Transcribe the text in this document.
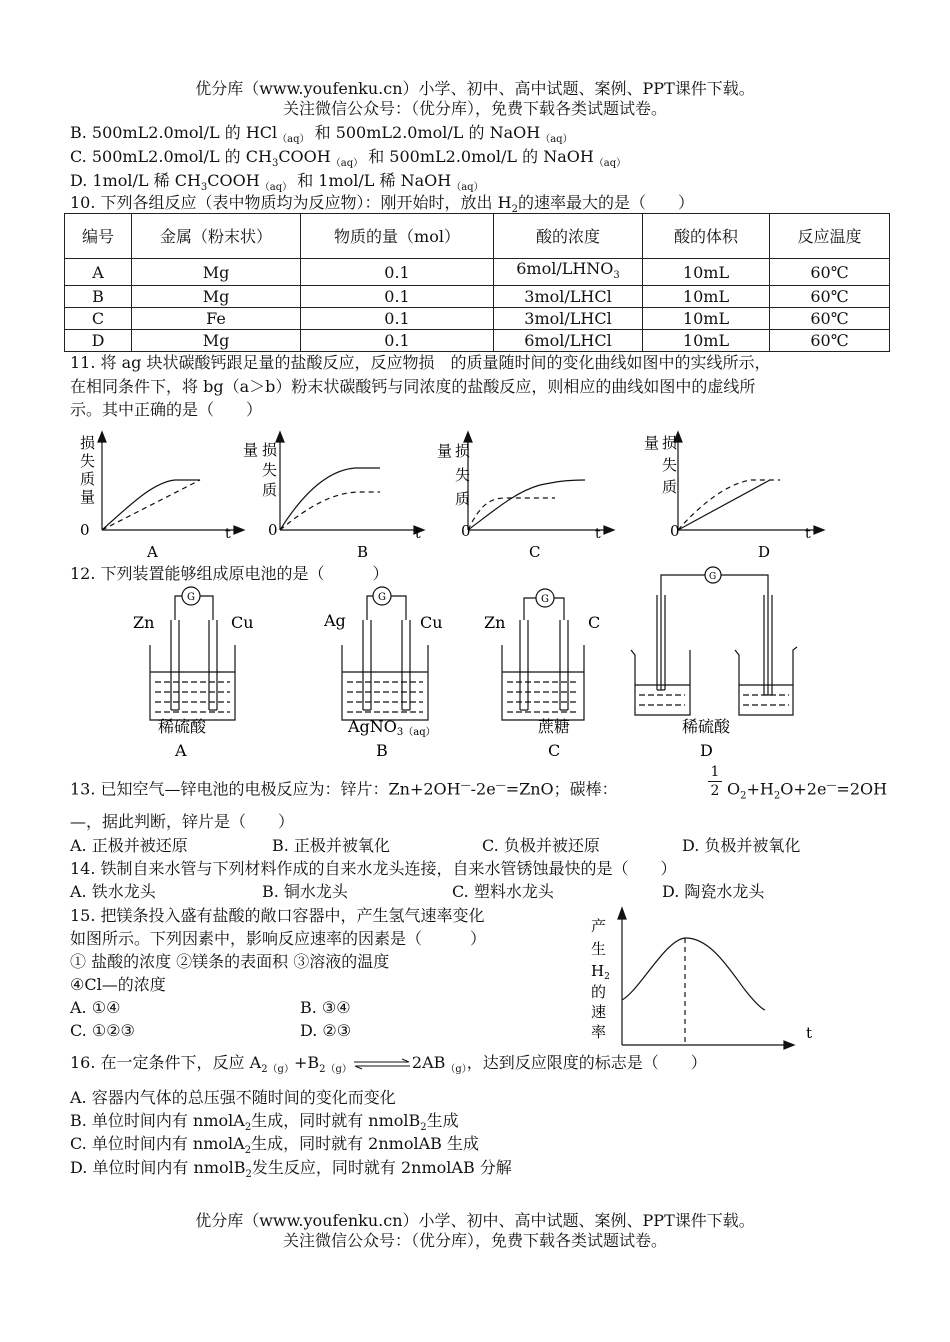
优分库（www.youfenku.cn）小学、初中、高中试题、案例、PPT课件下载。
关注微信公众号：（优分库），免费下载各类试题试卷。
B. 500mL2.0mol/L 的 HCl$_{(aq)}$ 和 500mL2.0mol/L 的 NaOH$_{(aq)}$
C. 500mL2.0mol/L 的 $CH_3COOH_{(aq)}$ 和 500mL2.0mol/L 的 NaOH$_{(aq)}$
D. 1mol/L 稀 $CH_3COOH_{(aq)}$ 和 1mol/L 稀 NaOH$_{(aq)}$
10. 下列各组反应（表中物质均为反应物）：刚开始时，放出 $H_2$的速率最大的是（　　）
编号	金属（粉末状）	物质的量（mol）	酸的浓度	酸的体积	反应温度
A	Mg	0.1	$6mol/LHNO_3$	10mL	60℃
B	Mg	0.1	3mol/LHCl	10mL	60℃
C	Fe	0.1	3mol/LHCl	10mL	60℃
D	Mg	0.1	6mol/LHCl	10mL	60℃
11. 将 ag 块状碳酸钙跟足量的盐酸反应，反应物损　的质量随时间的变化曲线如图中的实线所示，
在相同条件下，将 bg（a＞b）粉末状碳酸钙与同浓度的盐酸反应，则相应的曲线如图中的虚线所
示。其中正确的是（　　）
损
失
质
量
0	t
A
量 损
失
质
0	t
B
量 损
失
质
0	t
C
量 损
失
质
0	t
D
12. 下列装置能够组成原电池的是（　　　）
G
Zn	Cu
稀硫酸
A
G
Ag	Cu
AgNO3（aq）
B
G
Zn	C
蔗糖
C
G
稀硫酸
D
13. 已知空气—锌电池的电极反应为：锌片：Zn+2OH—-2e—=ZnO；碳棒：
1
2 $O_2+H_2O+2e^—=2OH$
—，据此判断，锌片是（　　）
A. 正极并被还原	B. 正极并被氧化	C. 负极并被还原	D. 负极并被氧化
14. 铁制自来水管与下列材料作成的自来水龙头连接，自来水管锈蚀最快的是（　　）
A. 铁水龙头	B. 铜水龙头	C. 塑料水龙头	D. 陶瓷水龙头
15. 把镁条投入盛有盐酸的敞口容器中，产生氢气速率变化
如图所示。下列因素中，影响反应速率的因素是（　　　）
① 盐酸的浓度 ②镁条的表面积 ③溶液的温度
④Cl—的浓度
A. ①④	B. ③④
C. ①②③	D. ②③
产
生
$H_2$
的
速
率	t
16. 在一定条件下，反应 $A_{2(g)}+B_{2(g)}$ $\rightleftharpoons 2AB_{(g)}$，达到反应限度的标志是（　　）
A. 容器内气体的总压强不随时间的变化而变化
B. 单位时间内有 nmolA$_2$生成，同时就有 nmolB$_2$生成
C. 单位时间内有 nmolA$_2$生成，同时就有 2nmolAB 生成
D. 单位时间内有 nmolB$_2$发生反应，同时就有 2nmolAB 分解
优分库（www.youfenku.cn）小学、初中、高中试题、案例、PPT课件下载。
关注微信公众号：（优分库），免费下载各类试题试卷。
